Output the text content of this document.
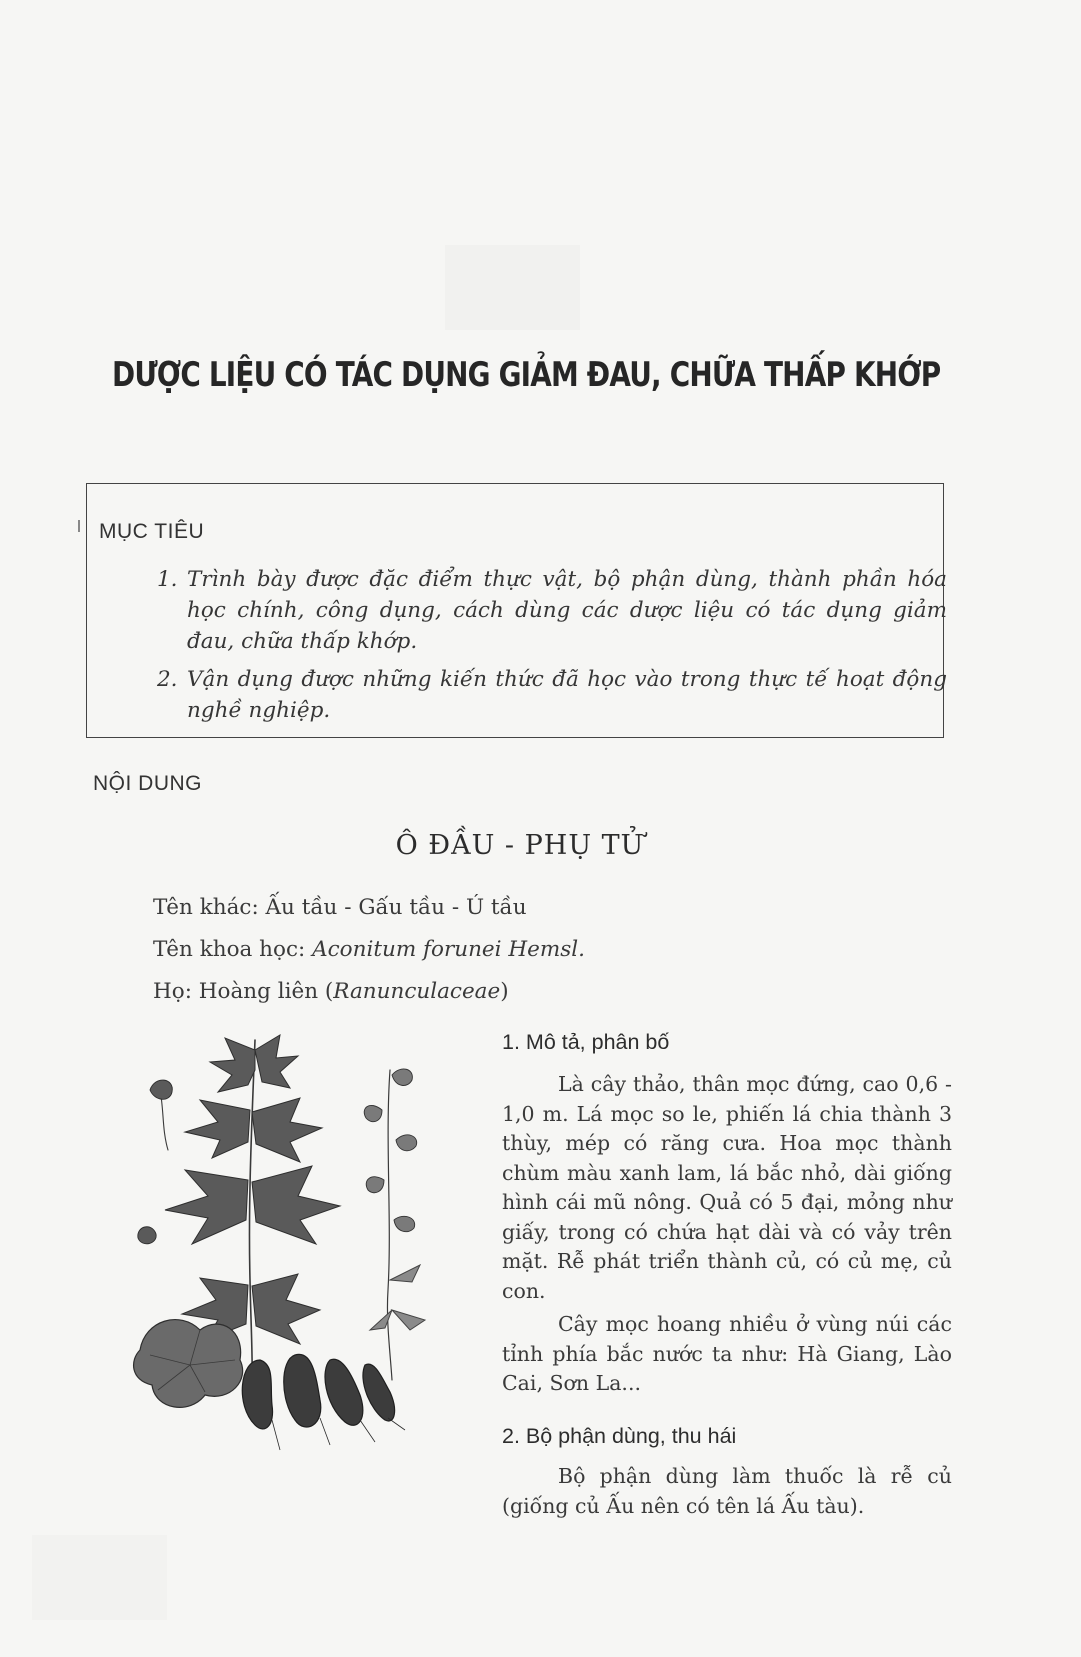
DƯỢC LIỆU CÓ TÁC DỤNG GIẢM ĐAU, CHỮA THẤP KHỚP
MỤC TIÊU
1. Trình bày được đặc điểm thực vật, bộ phận dùng, thành phần hóa học chính, công dụng, cách dùng các dược liệu có tác dụng giảm đau, chữa thấp khớp.
2. Vận dụng được những kiến thức đã học vào trong thực tế hoạt động nghề nghiệp.
NỘI DUNG
Ô ĐẦU - PHỤ TỬ

Tên khác: Ấu tầu - Gấu tầu - Ú tầu

Tên khoa học: Aconitum forunei Hemsl.

Họ: Hoàng liên (Ranunculaceae)

1. Mô tả, phân bố

Là cây thảo, thân mọc đứng, cao 0,6 - 1,0 m. Lá mọc so le, phiến lá chia thành 3 thùy, mép có răng cưa. Hoa mọc thành chùm màu xanh lam, lá bắc nhỏ, dài giống hình cái mũ nông. Quả có 5 đại, mỏng như giấy, trong có chứa hạt dài và có vảy trên mặt. Rễ phát triển thành củ, có củ mẹ, củ con.

Cây mọc hoang nhiều ở vùng núi các tỉnh phía bắc nước ta như: Hà Giang, Lào Cai, Sơn La...

2. Bộ phận dùng, thu hái

Bộ phận dùng làm thuốc là rễ củ (giống củ Ấu nên có tên lá Ấu tàu).
